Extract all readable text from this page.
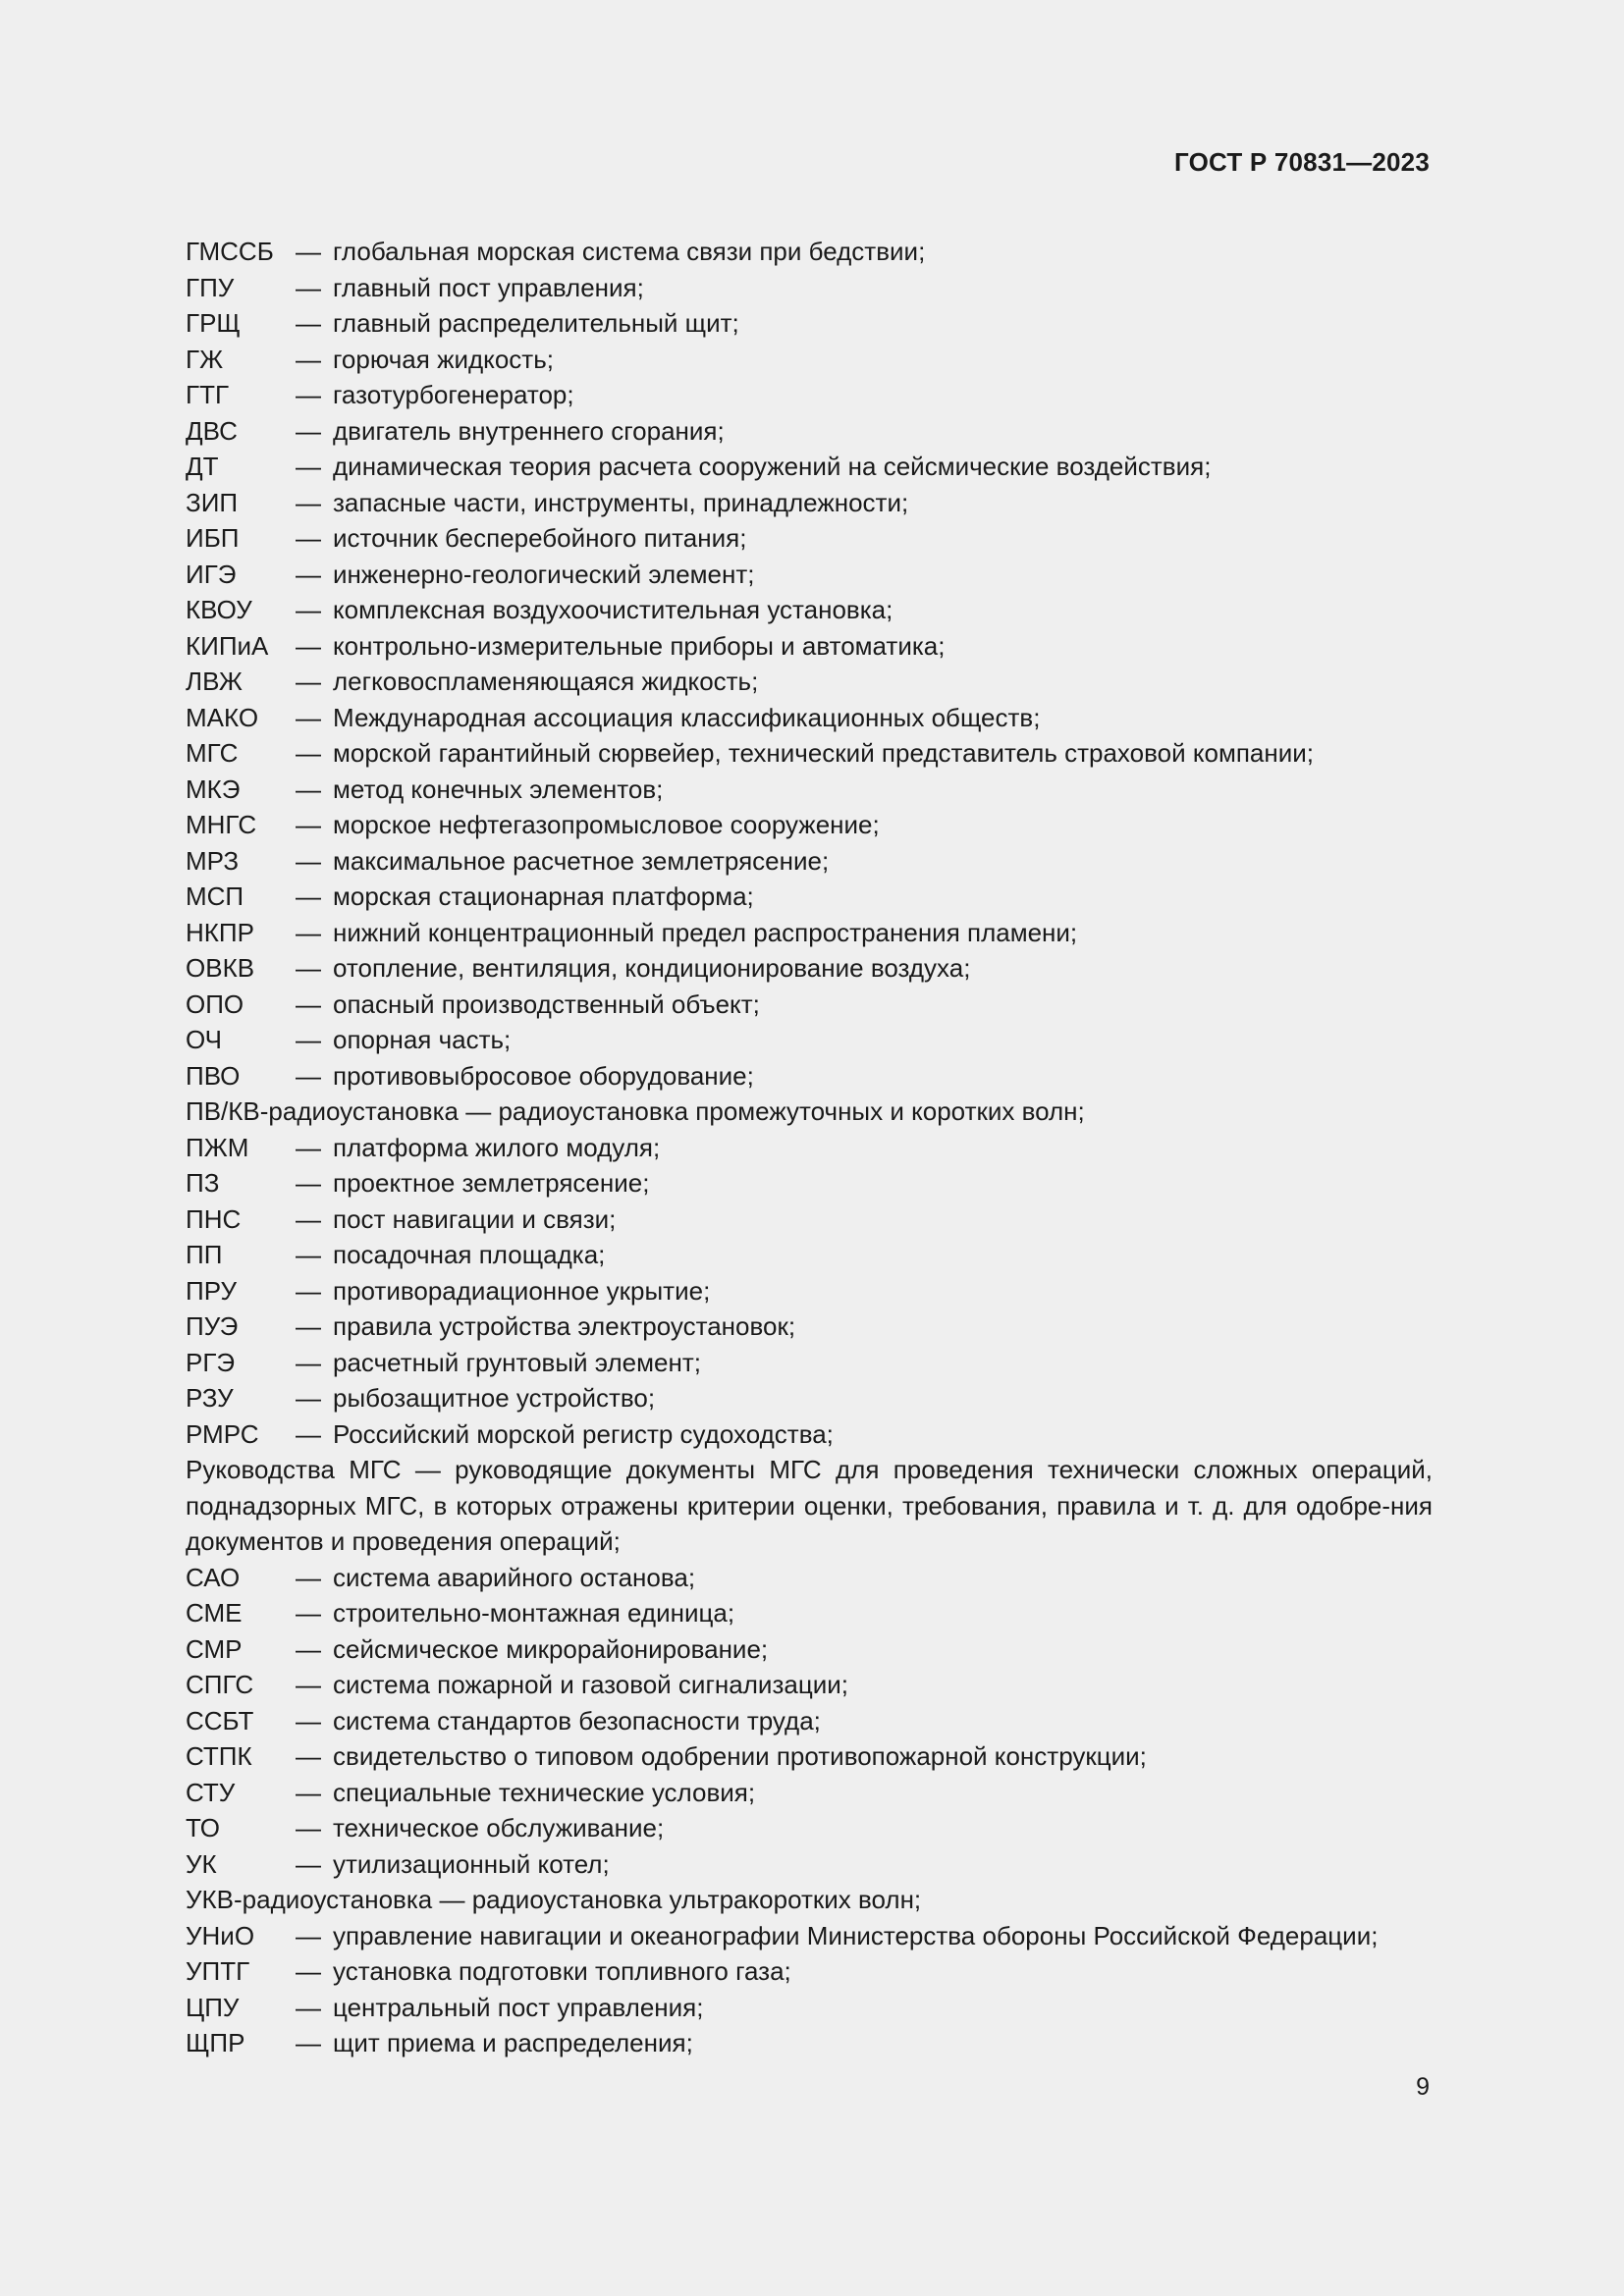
ГОСТ Р 70831—2023
ГМССБ — глобальная морская система связи при бедствии;
ГПУ	— главный пост управления;
ГРЩ	— главный распределительный щит;
ГЖ	— горючая жидкость;
ГТГ	— газотурбогенератор;
ДВС	— двигатель внутреннего сгорания;
ДТ	— динамическая теория расчета сооружений на сейсмические воздействия;
ЗИП	— запасные части, инструменты, принадлежности;
ИБП	— источник бесперебойного питания;
ИГЭ	— инженерно-геологический элемент;
КВОУ	— комплексная воздухоочистительная установка;
КИПиА	— контрольно-измерительные приборы и автоматика;
ЛВЖ	— легковоспламеняющаяся жидкость;
МАКО	— Международная ассоциация классификационных обществ;
МГС	— морской гарантийный сюрвейер, технический представитель страховой компании;
МКЭ	— метод конечных элементов;
МНГС	— морское нефтегазопромысловое сооружение;
МРЗ	— максимальное расчетное землетрясение;
МСП	— морская стационарная платформа;
НКПР	— нижний концентрационный предел распространения пламени;
ОВКВ	— отопление, вентиляция, кондиционирование воздуха;
ОПО	— опасный производственный объект;
ОЧ	— опорная часть;
ПВО	— противовыбросовое оборудование;
ПВ/КВ-радиоустановка — радиоустановка промежуточных и коротких волн;
ПЖМ	— платформа жилого модуля;
ПЗ	— проектное землетрясение;
ПНС	— пост навигации и связи;
ПП	— посадочная площадка;
ПРУ	— противорадиационное укрытие;
ПУЭ	— правила устройства электроустановок;
РГЭ	— расчетный грунтовый элемент;
РЗУ	— рыбозащитное устройство;
РМРС	— Российский морской регистр судоходства;
Руководства МГС — руководящие документы МГС для проведения технически сложных операций, поднадзорных МГС, в которых отражены критерии оценки, требования, правила и т. д. для одобре-ния документов и проведения операций;
САО	— система аварийного останова;
СМЕ	— строительно-монтажная единица;
СМР	— сейсмическое микрорайонирование;
СПГС	— система пожарной и газовой сигнализации;
ССБТ	— система стандартов безопасности труда;
СТПК	— свидетельство о типовом одобрении противопожарной конструкции;
СТУ	— специальные технические условия;
ТО	— техническое обслуживание;
УК	— утилизационный котел;
УКВ-радиоустановка — радиоустановка ультракоротких волн;
УНиО	— управление навигации и океанографии Министерства обороны Российской Федерации;
УПТГ	— установка подготовки топливного газа;
ЦПУ	— центральный пост управления;
ЩПР	— щит приема и распределения;
9
